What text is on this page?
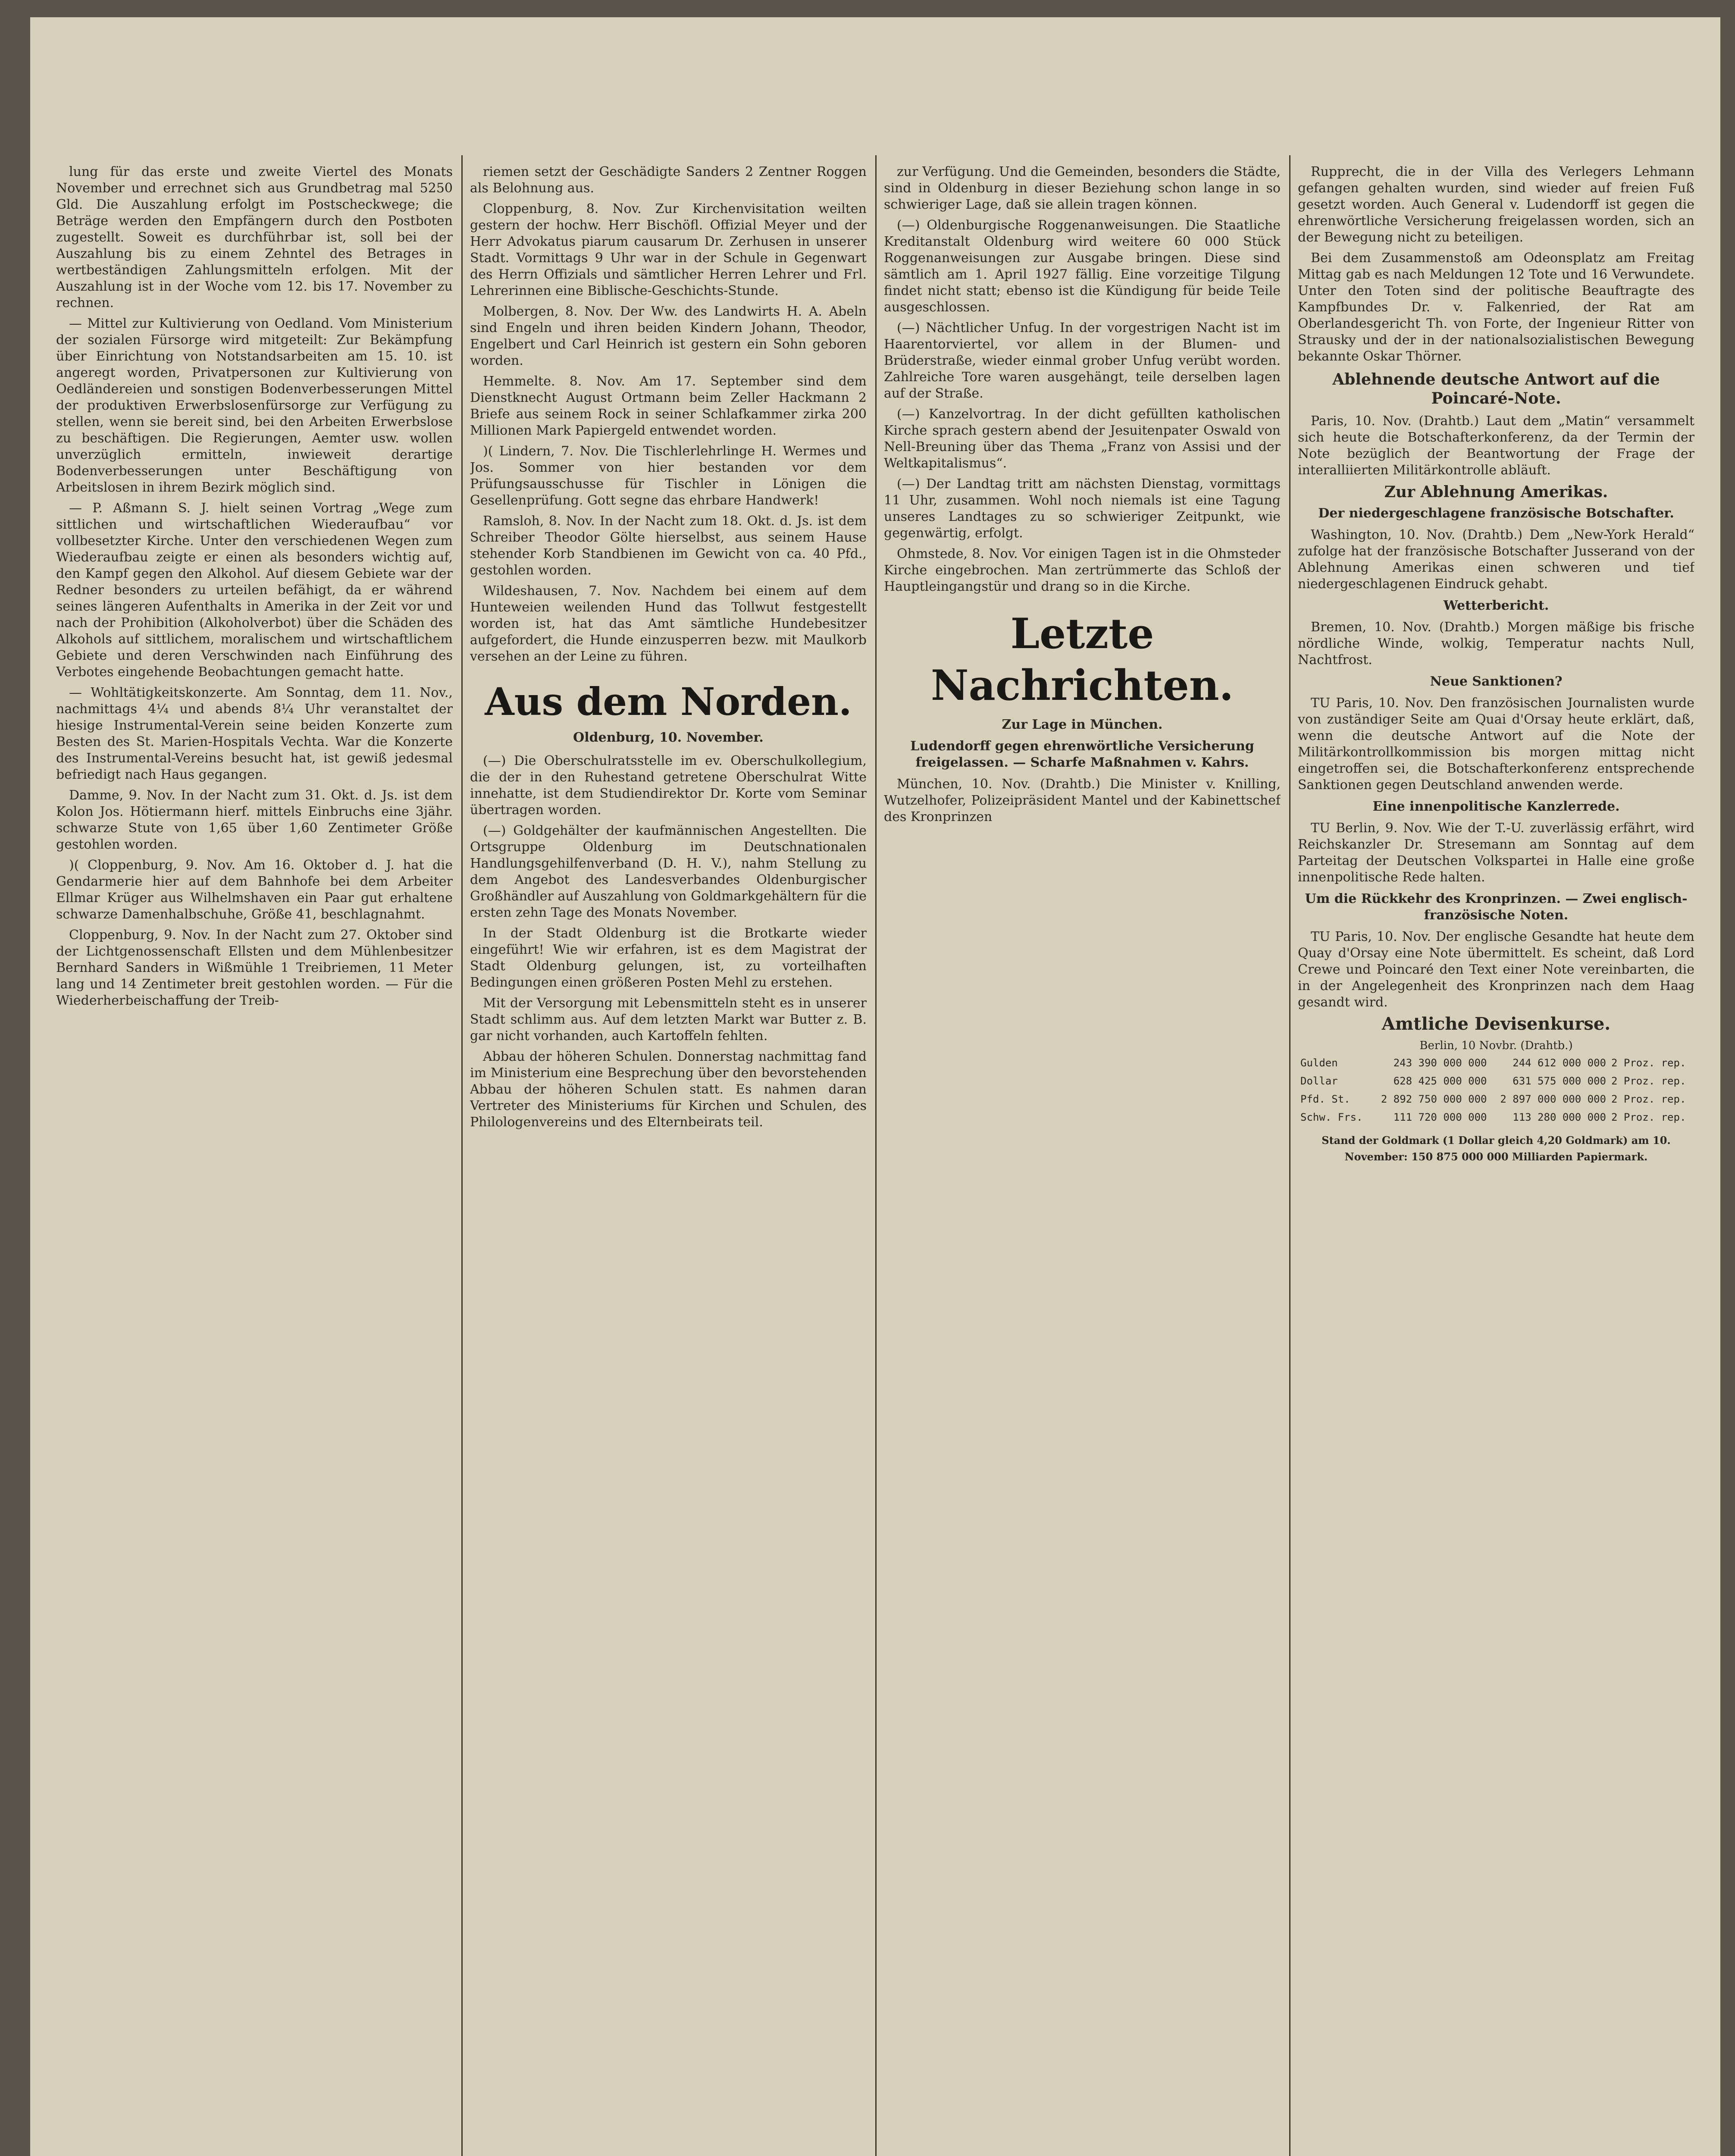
lung für das erste und zweite Viertel des Monats November und errechnet sich aus Grundbetrag mal 5250 Gld. Die Auszahlung erfolgt im Postscheckwege; die Beträge werden den Empfängern durch den Postboten zugestellt. Soweit es durchführbar ist, soll bei der Auszahlung bis zu einem Zehntel des Betrages in wertbeständigen Zahlungsmitteln erfolgen. Mit der Auszahlung ist in der Woche vom 12. bis 17. November zu rechnen.

— Mittel zur Kultivierung von Oedland. Vom Ministerium der sozialen Fürsorge wird mitgeteilt: Zur Bekämpfung über Einrichtung von Notstandsarbeiten am 15. 10. ist angeregt worden, Privatpersonen zur Kultivierung von Oedländereien und sonstigen Bodenverbesserungen Mittel der produktiven Erwerbslosenfürsorge zur Verfügung zu stellen, wenn sie bereit sind, bei den Arbeiten Erwerbslose zu beschäftigen. Die Regierungen, Aemter usw. wollen unverzüglich ermitteln, inwieweit derartige Bodenverbesserungen unter Beschäftigung von Arbeitslosen in ihrem Bezirk möglich sind.

— P. Aßmann S. J. hielt seinen Vortrag „Wege zum sittlichen und wirtschaftlichen Wiederaufbau“ vor vollbesetzter Kirche. Unter den verschiedenen Wegen zum Wiederaufbau zeigte er einen als besonders wichtig auf, den Kampf gegen den Alkohol. Auf diesem Gebiete war der Redner besonders zu urteilen befähigt, da er während seines längeren Aufenthalts in Amerika in der Zeit vor und nach der Prohibition (Alkoholverbot) über die Schäden des Alkohols auf sittlichem, moralischem und wirtschaftlichem Gebiete und deren Verschwinden nach Einführung des Verbotes eingehende Beobachtungen gemacht hatte.

— Wohltätigkeitskonzerte. Am Sonntag, dem 11. Nov., nachmittags 4¼ und abends 8¼ Uhr veranstaltet der hiesige Instrumental-Verein seine beiden Konzerte zum Besten des St. Marien-Hospitals Vechta. War die Konzerte des Instrumental-Vereins besucht hat, ist gewiß jedesmal befriedigt nach Haus gegangen.

Damme, 9. Nov. In der Nacht zum 31. Okt. d. Js. ist dem Kolon Jos. Hötiermann hierf. mittels Einbruchs eine 3jähr. schwarze Stute von 1,65 über 1,60 Zentimeter Größe gestohlen worden.

)( Cloppenburg, 9. Nov. Am 16. Oktober d. J. hat die Gendarmerie hier auf dem Bahnhofe bei dem Arbeiter Ellmar Krüger aus Wilhelmshaven ein Paar gut erhaltene schwarze Damenhalbschuhe, Größe 41, beschlagnahmt.

Cloppenburg, 9. Nov. In der Nacht zum 27. Oktober sind der Lichtgenossenschaft Ellsten und dem Mühlenbesitzer Bernhard Sanders in Wißmühle 1 Treibriemen, 11 Meter lang und 14 Zentimeter breit gestohlen worden. — Für die Wiederherbeischaffung der Treib-

riemen setzt der Geschädigte Sanders 2 Zentner Roggen als Belohnung aus.

Cloppenburg, 8. Nov. Zur Kirchenvisitation weilten gestern der hochw. Herr Bischöfl. Offizial Meyer und der Herr Advokatus piarum causarum Dr. Zerhusen in unserer Stadt. Vormittags 9 Uhr war in der Schule in Gegenwart des Herrn Offizials und sämtlicher Herren Lehrer und Frl. Lehrerinnen eine Biblische-Geschichts-Stunde.

Molbergen, 8. Nov. Der Ww. des Landwirts H. A. Abeln sind Engeln und ihren beiden Kindern Johann, Theodor, Engelbert und Carl Heinrich ist gestern ein Sohn geboren worden.

Hemmelte. 8. Nov. Am 17. September sind dem Dienstknecht August Ortmann beim Zeller Hackmann 2 Briefe aus seinem Rock in seiner Schlafkammer zirka 200 Millionen Mark Papiergeld entwendet worden.

)( Lindern, 7. Nov. Die Tischlerlehrlinge H. Wermes und Jos. Sommer von hier bestanden vor dem Prüfungsausschusse für Tischler in Lönigen die Gesellenprüfung. Gott segne das ehrbare Handwerk!

Ramsloh, 8. Nov. In der Nacht zum 18. Okt. d. Js. ist dem Schreiber Theodor Gölte hierselbst, aus seinem Hause stehender Korb Standbienen im Gewicht von ca. 40 Pfd., gestohlen worden.

Wildeshausen, 7. Nov. Nachdem bei einem auf dem Hunteweien weilenden Hund das Tollwut festgestellt worden ist, hat das Amt sämtliche Hundebesitzer aufgefordert, die Hunde einzusperren bezw. mit Maulkorb versehen an der Leine zu führen.

Aus dem Norden.
Oldenburg, 10. November.

(—) Die Oberschulratsstelle im ev. Oberschulkollegium, die der in den Ruhestand getretene Oberschulrat Witte innehatte, ist dem Studiendirektor Dr. Korte vom Seminar übertragen worden.

(—) Goldgehälter der kaufmännischen Angestellten. Die Ortsgruppe Oldenburg im Deutschnationalen Handlungsgehilfenverband (D. H. V.), nahm Stellung zu dem Angebot des Landesverbandes Oldenburgischer Großhändler auf Auszahlung von Goldmarkgehältern für die ersten zehn Tage des Monats November.

In der Stadt Oldenburg ist die Brotkarte wieder eingeführt! Wie wir erfahren, ist es dem Magistrat der Stadt Oldenburg gelungen, ist, zu vorteilhaften Bedingungen einen größeren Posten Mehl zu erstehen.

Mit der Versorgung mit Lebensmitteln steht es in unserer Stadt schlimm aus. Auf dem letzten Markt war Butter z. B. gar nicht vorhanden, auch Kartoffeln fehlten.

Abbau der höheren Schulen. Donnerstag nachmittag fand im Ministerium eine Besprechung über den bevorstehenden Abbau der höheren Schulen statt. Es nahmen daran Vertreter des Ministeriums für Kirchen und Schulen, des Philologenvereins und des Elternbeirats teil.

zur Verfügung. Und die Gemeinden, besonders die Städte, sind in Oldenburg in dieser Beziehung schon lange in so schwieriger Lage, daß sie allein tragen können.

(—) Oldenburgische Roggenanweisungen. Die Staatliche Kreditanstalt Oldenburg wird weitere 60 000 Stück Roggenanweisungen zur Ausgabe bringen. Diese sind sämtlich am 1. April 1927 fällig. Eine vorzeitige Tilgung findet nicht statt; ebenso ist die Kündigung für beide Teile ausgeschlossen.

(—) Nächtlicher Unfug. In der vorgestrigen Nacht ist im Haarentorviertel, vor allem in der Blumen- und Brüderstraße, wieder einmal grober Unfug verübt worden. Zahlreiche Tore waren ausgehängt, teile derselben lagen auf der Straße.

(—) Kanzelvortrag. In der dicht gefüllten katholischen Kirche sprach gestern abend der Jesuitenpater Oswald von Nell-Breuning über das Thema „Franz von Assisi und der Weltkapitalismus“.

(—) Der Landtag tritt am nächsten Dienstag, vormittags 11 Uhr, zusammen. Wohl noch niemals ist eine Tagung unseres Landtages zu so schwieriger Zeitpunkt, wie gegenwärtig, erfolgt.

Ohmstede, 8. Nov. Vor einigen Tagen ist in die Ohmsteder Kirche eingebrochen. Man zertrümmerte das Schloß der Hauptleingangstür und drang so in die Kirche.

Letzte Nachrichten.
Zur Lage in München.
Ludendorff gegen ehrenwörtliche Versicherung freigelassen. — Scharfe Maßnahmen v. Kahrs.

München, 10. Nov. (Drahtb.) Die Minister v. Knilling, Wutzelhofer, Polizeipräsident Mantel und der Kabinettschef des Kronprinzen

Rupprecht, die in der Villa des Verlegers Lehmann gefangen gehalten wurden, sind wieder auf freien Fuß gesetzt worden. Auch General v. Ludendorff ist gegen die ehrenwörtliche Versicherung freigelassen worden, sich an der Bewegung nicht zu beteiligen.

Bei dem Zusammenstoß am Odeonsplatz am Freitag Mittag gab es nach Meldungen 12 Tote und 16 Verwundete. Unter den Toten sind der politische Beauftragte des Kampfbundes Dr. v. Falkenried, der Rat am Oberlandesgericht Th. von Forte, der Ingenieur Ritter von Strausky und der in der nationalsozialistischen Bewegung bekannte Oskar Thörner.

Ablehnende deutsche Antwort auf die Poincaré-Note.

Paris, 10. Nov. (Drahtb.) Laut dem „Matin“ versammelt sich heute die Botschafterkonferenz, da der Termin der Note bezüglich der Beantwortung der Frage der interalliierten Militärkontrolle abläuft.

Zur Ablehnung Amerikas.
Der niedergeschlagene französische Botschafter.

Washington, 10. Nov. (Drahtb.) Dem „New-York Herald“ zufolge hat der französische Botschafter Jusserand von der Ablehnung Amerikas einen schweren und tief niedergeschlagenen Eindruck gehabt.

Wetterbericht.

Bremen, 10. Nov. (Drahtb.) Morgen mäßige bis frische nördliche Winde, wolkig, Temperatur nachts Null, Nachtfrost.

Neue Sanktionen?

TU Paris, 10. Nov. Den französischen Journalisten wurde von zuständiger Seite am Quai d'Orsay heute erklärt, daß, wenn die deutsche Antwort auf die Note der Militärkontrollkommission bis morgen mittag nicht eingetroffen sei, die Botschafterkonferenz entsprechende Sanktionen gegen Deutschland anwenden werde.

Eine innenpolitische Kanzlerrede.

TU Berlin, 9. Nov. Wie der T.-U. zuverlässig erfährt, wird Reichskanzler Dr. Stresemann am Sonntag auf dem Parteitag der Deutschen Volkspartei in Halle eine große innenpolitische Rede halten.

Um die Rückkehr des Kronprinzen. — Zwei englisch-französische Noten.

TU Paris, 10. Nov. Der englische Gesandte hat heute dem Quay d'Orsay eine Note übermittelt. Es scheint, daß Lord Crewe und Poincaré den Text einer Note vereinbarten, die in der Angelegenheit des Kronprinzen nach dem Haag gesandt wird.

Amtliche Devisenkurse.
Berlin, 10 Novbr. (Drahtb.)
Gulden	243 390 000 000	244 612 000 000	2 Proz. rep.
Dollar	628 425 000 000	631 575 000 000	2 Proz. rep.
Pfd. St.	2 892 750 000 000	2 897 000 000 000	2 Proz. rep.
Schw. Frs.	111 720 000 000	113 280 000 000	2 Proz. rep.
Stand der Goldmark (1 Dollar gleich 4,20 Goldmark) am 10. November: 150 875 000 000 Milliarden Papiermark.
